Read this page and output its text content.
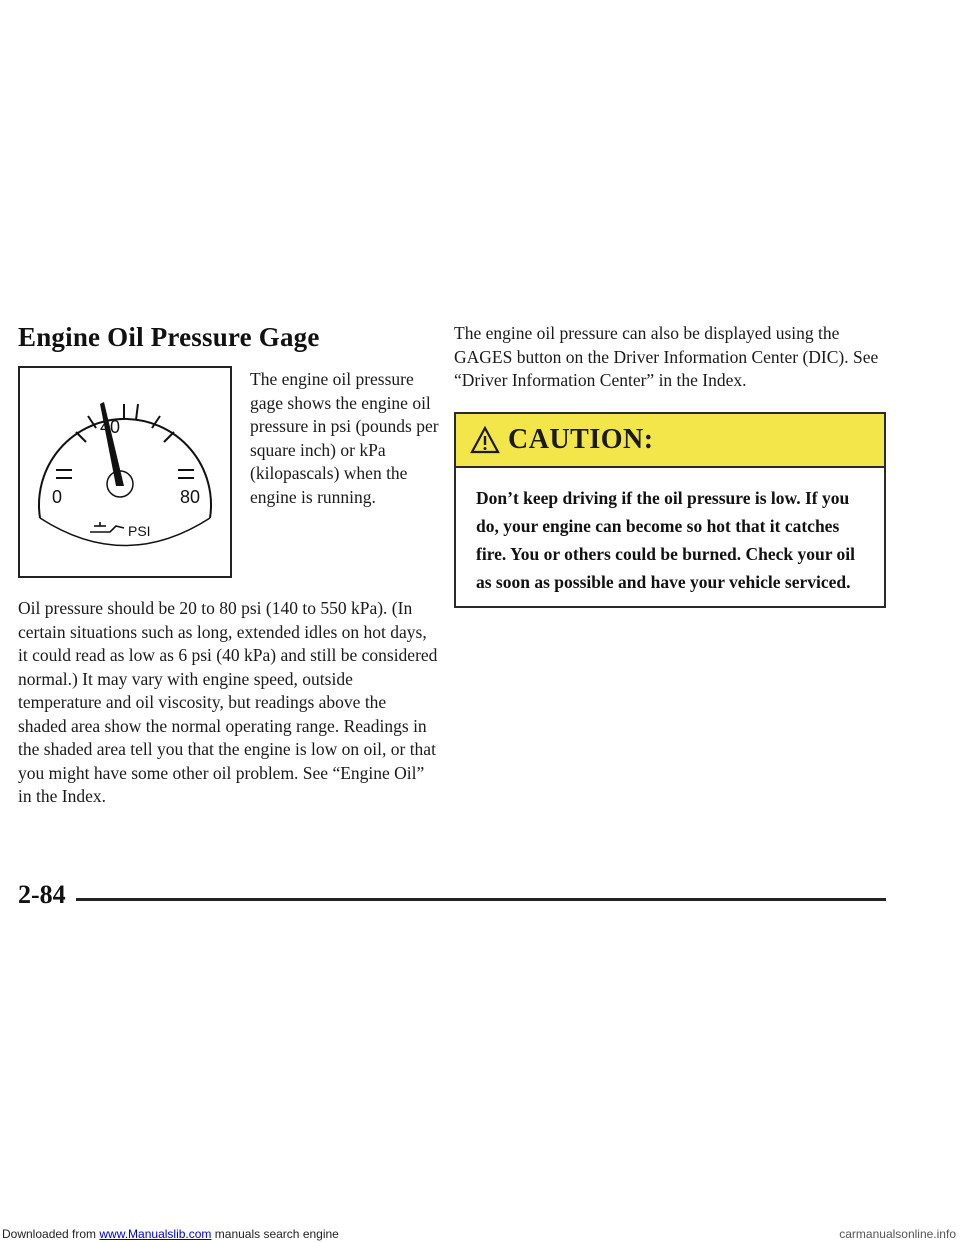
Engine Oil Pressure Gage
40
0	80
PSI

The engine oil pressure gage shows the engine oil pressure in psi (pounds per square inch) or kPa (kilopascals) when the engine is running.

Oil pressure should be 20 to 80 psi (140 to 550 kPa). (In certain situations such as long, extended idles on hot days, it could read as low as 6 psi (40 kPa) and still be considered normal.) It may vary with engine speed, outside temperature and oil viscosity, but readings above the shaded area show the normal operating range. Readings in the shaded area tell you that the engine is low on oil, or that you might have some other oil problem. See “Engine Oil” in the Index.

The engine oil pressure can also be displayed using the GAGES button on the Driver Information Center (DIC). See “Driver Information Center” in the Index.

CAUTION:
Don’t keep driving if the oil pressure is low. If you do, your engine can become so hot that it catches fire. You or others could be burned. Check your oil as soon as possible and have your vehicle serviced.

2-84

Downloaded from www.Manualslib.com manuals search engine	carmanualsonline.info
